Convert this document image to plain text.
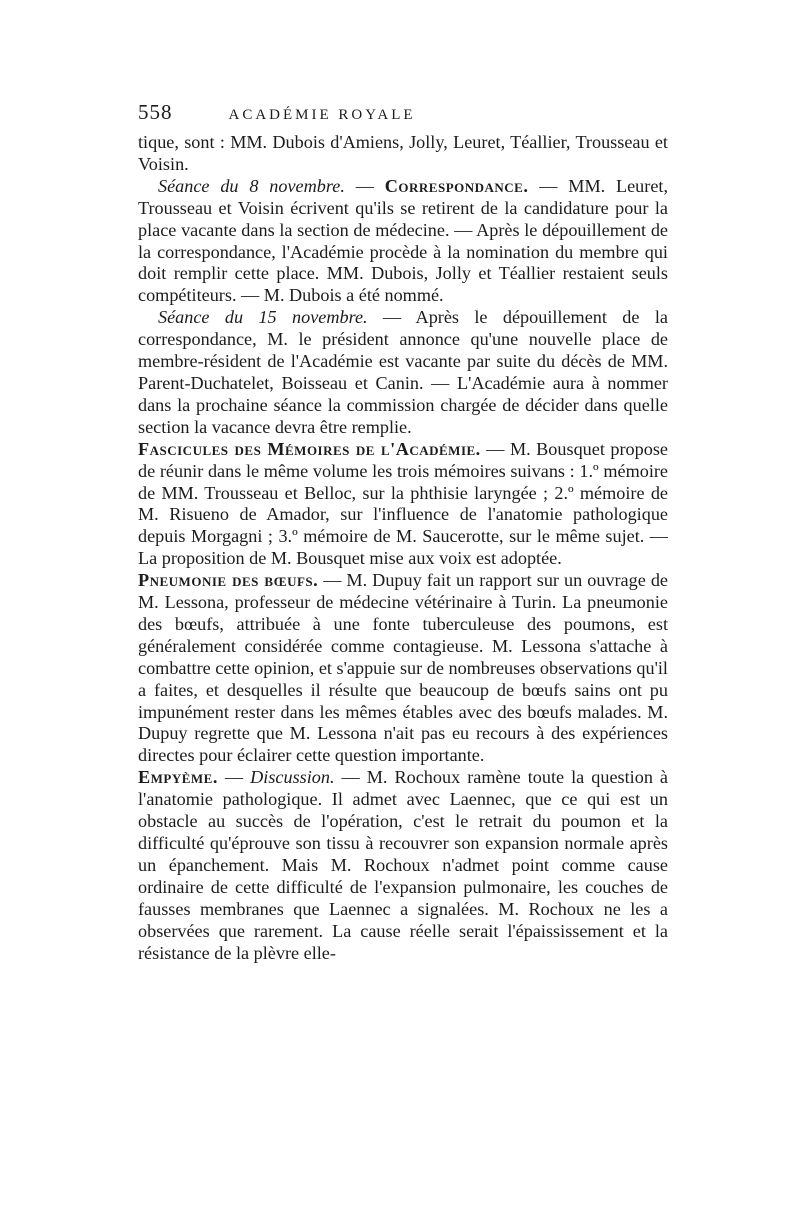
558	ACADÉMIE ROYALE

tique, sont : MM. Dubois d'Amiens, Jolly, Leuret, Téallier, Trousseau et Voisin.

Séance du 8 novembre. — Correspondance. — MM. Leuret, Trousseau et Voisin écrivent qu'ils se retirent de la candidature pour la place vacante dans la section de médecine. — Après le dépouillement de la correspondance, l'Académie procède à la nomination du membre qui doit remplir cette place. MM. Dubois, Jolly et Téallier restaient seuls compétiteurs. — M. Dubois a été nommé.

Séance du 15 novembre. — Après le dépouillement de la correspondance, M. le président annonce qu'une nouvelle place de membre-résident de l'Académie est vacante par suite du décès de MM. Parent-Duchatelet, Boisseau et Canin. — L'Académie aura à nommer dans la prochaine séance la commission chargée de décider dans quelle section la vacance devra être remplie.

Fascicules des Mémoires de l'Académie. — M. Bousquet propose de réunir dans le même volume les trois mémoires suivans : 1.º mémoire de MM. Trousseau et Belloc, sur la phthisie laryngée ; 2.º mémoire de M. Risueno de Amador, sur l'influence de l'anatomie pathologique depuis Morgagni ; 3.º mémoire de M. Saucerotte, sur le même sujet. — La proposition de M. Bousquet mise aux voix est adoptée.

Pneumonie des bœufs. — M. Dupuy fait un rapport sur un ouvrage de M. Lessona, professeur de médecine vétérinaire à Turin. La pneumonie des bœufs, attribuée à une fonte tuberculeuse des poumons, est généralement considérée comme contagieuse. M. Lessona s'attache à combattre cette opinion, et s'appuie sur de nombreuses observations qu'il a faites, et desquelles il résulte que beaucoup de bœufs sains ont pu impunément rester dans les mêmes étables avec des bœufs malades. M. Dupuy regrette que M. Lessona n'ait pas eu recours à des expériences directes pour éclairer cette question importante.

Empyème. — Discussion. — M. Rochoux ramène toute la question à l'anatomie pathologique. Il admet avec Laennec, que ce qui est un obstacle au succès de l'opération, c'est le retrait du poumon et la difficulté qu'éprouve son tissu à recouvrer son expansion normale après un épanchement. Mais M. Rochoux n'admet point comme cause ordinaire de cette difficulté de l'expansion pulmonaire, les couches de fausses membranes que Laennec a signalées. M. Rochoux ne les a observées que rarement. La cause réelle serait l'épaississement et la résistance de la plèvre elle-
